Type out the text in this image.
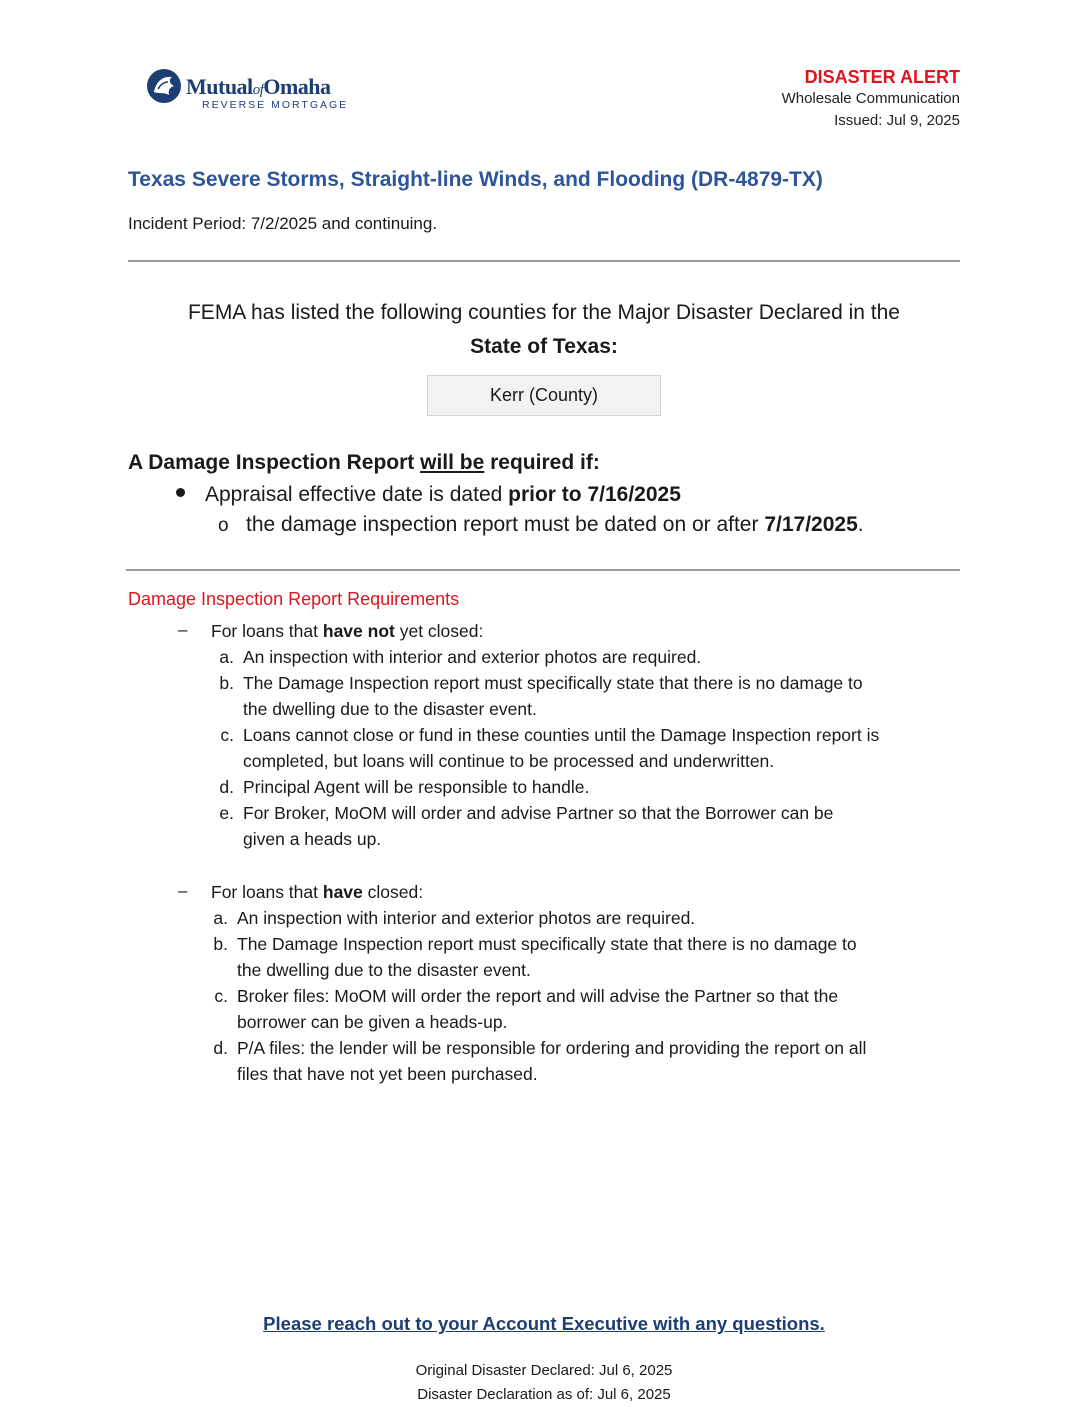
MutualofOmaha
REVERSE MORTGAGE
DISASTER ALERT
Wholesale Communication
Issued: Jul 9, 2025
Texas Severe Storms, Straight-line Winds, and Flooding (DR-4879-TX)
Incident Period: 7/2/2025 and continuing.
FEMA has listed the following counties for the Major Disaster Declared in the
State of Texas:
Kerr (County)
A Damage Inspection Report will be required if:
Appraisal effective date is dated prior to 7/16/2025
o the damage inspection report must be dated on or after 7/17/2025.
Damage Inspection Report Requirements
– For loans that have not yet closed:
a. An inspection with interior and exterior photos are required.
b. The Damage Inspection report must specifically state that there is no damage to
the dwelling due to the disaster event.
c. Loans cannot close or fund in these counties until the Damage Inspection report is
completed, but loans will continue to be processed and underwritten.
d. Principal Agent will be responsible to handle.
e. For Broker, MoOM will order and advise Partner so that the Borrower can be
given a heads up.
– For loans that have closed:
a. An inspection with interior and exterior photos are required.
b. The Damage Inspection report must specifically state that there is no damage to
the dwelling due to the disaster event.
c. Broker files: MoOM will order the report and will advise the Partner so that the
borrower can be given a heads-up.
d. P/A files: the lender will be responsible for ordering and providing the report on all
files that have not yet been purchased.
Please reach out to your Account Executive with any questions.
Original Disaster Declared: Jul 6, 2025
Disaster Declaration as of: Jul 6, 2025
